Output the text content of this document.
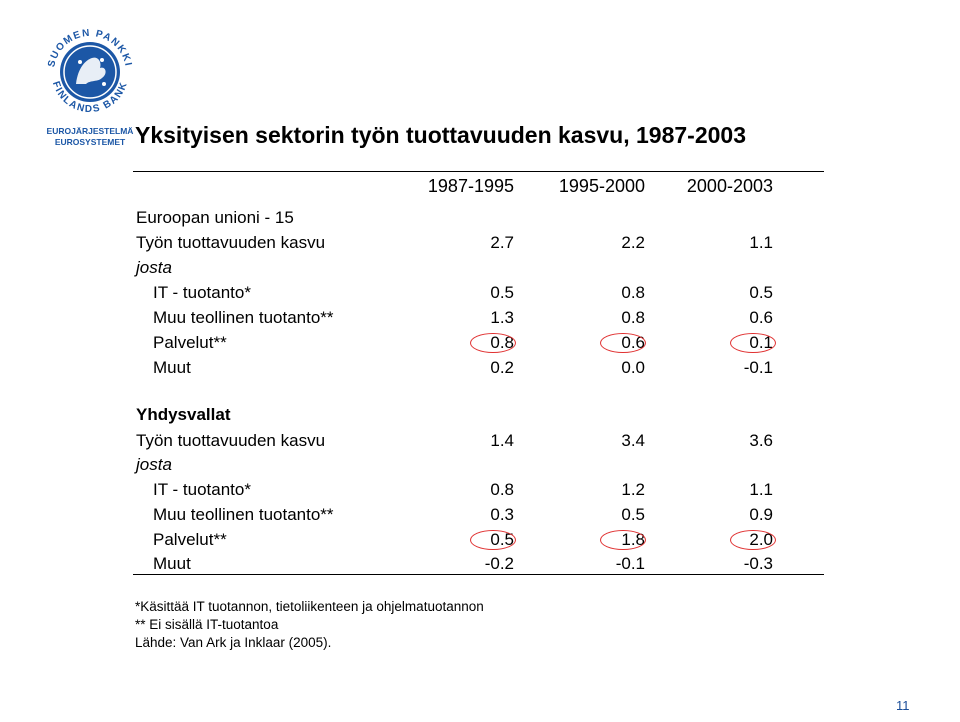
SUOMEN PANKKI
FINLANDS BANK
EUROJÄRJESTELMÄ
EUROSYSTEMET Yksityisen sektorin työn tuottavuuden kasvu, 1987-2003
1987-1995 1995-2000 2000-2003
Euroopan unioni - 15
Työn tuottavuuden kasvu	2.7	2.2	1.1
josta
IT - tuotanto*	0.5	0.8	0.5
Muu teollinen tuotanto**	1.3	0.8	0.6
Palvelut**	0.8	0.6	0.1
Muut	0.2	0.0	-0.1
Yhdysvallat
Työn tuottavuuden kasvu	1.4	3.4	3.6
josta
IT - tuotanto*	0.8	1.2	1.1
Muu teollinen tuotanto**	0.3	0.5	0.9
Palvelut**	0.5	1.8	2.0
Muut	-0.2	-0.1	-0.3
*Käsittää IT tuotannon, tietoliikenteen ja ohjelmatuotannon
** Ei sisällä IT-tuotantoa
Lähde: Van Ark ja Inklaar (2005).
11
